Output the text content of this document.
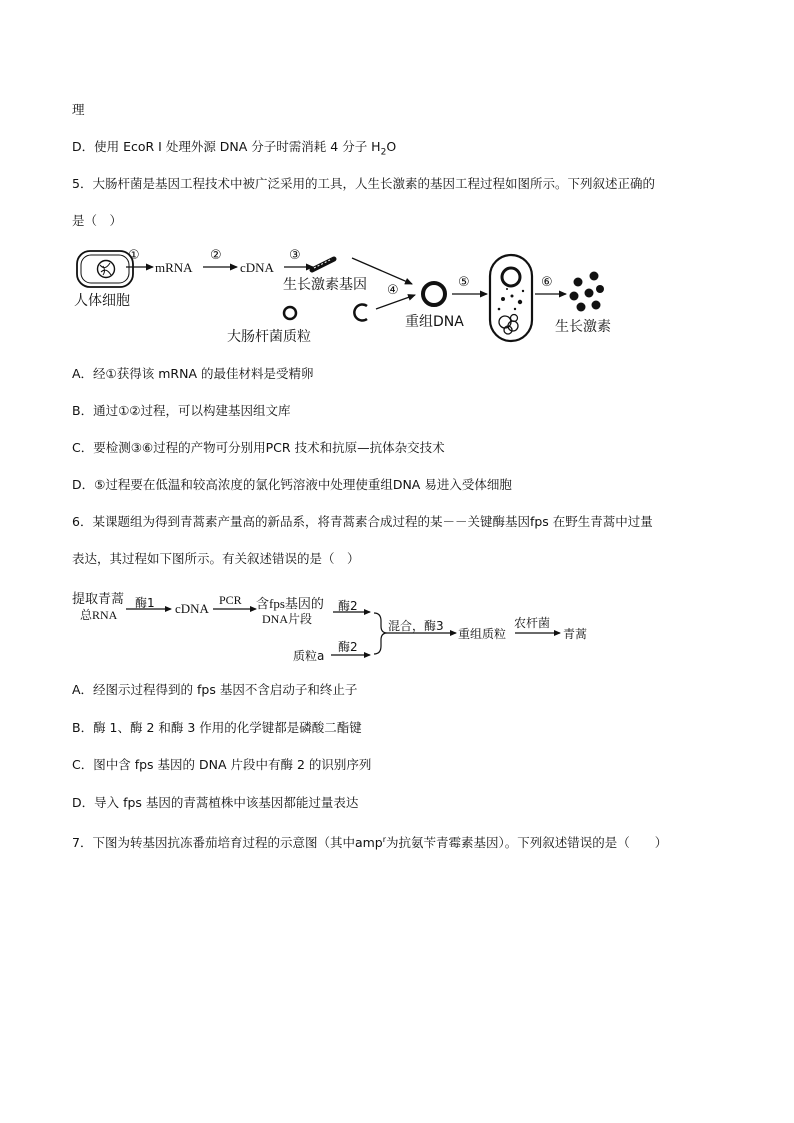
理
D．使用 EcoR Ⅰ 处理外源 DNA 分子时需消耗 4 分子 $H_2O$
5．大肠杆菌是基因工程技术中被广泛采用的工具，人生长激素的基因工程过程如图所示。下列叙述正确的
是（　）
①
mRNA
②
cDNA
③
生长激素基因
人体细胞
④
⑤	⑥
大肠杆菌质粒
重组DNA	生长激素
A．经①获得该 mRNA 的最佳材料是受精卵
B．通过①②过程，可以构建基因组文库
C．要检测③⑥过程的产物可分别用PCR 技术和抗原—抗体杂交技术
D．⑤过程要在低温和较高浓度的氯化钙溶液中处理使重组DNA 易进入受体细胞
6．某课题组为得到青蒿素产量高的新品系，将青蒿素合成过程的某－－关键酶基因fps 在野生青蒿中过量
表达，其过程如下图所示。有关叙述错误的是（　）
提取青蒿
总RNA
酶1 cDNA
PCR 含fps基因的
DNA片段
酶2
质粒a
酶2
混合，酶3
重组质粒
农杆菌
青蒿
A．经图示过程得到的 fps 基因不含启动子和终止子
B．酶 1、酶 2 和酶 3 作用的化学键都是磷酸二酯键
C．图中含 fps 基因的 DNA 片段中有酶 2 的识别序列
D．导入 fps 基因的青蒿植株中该基因都能过量表达
7．下图为转基因抗冻番茄培育过程的示意图（其中amp$^r$为抗氨苄青霉素基因）。下列叙述错误的是（　　）
